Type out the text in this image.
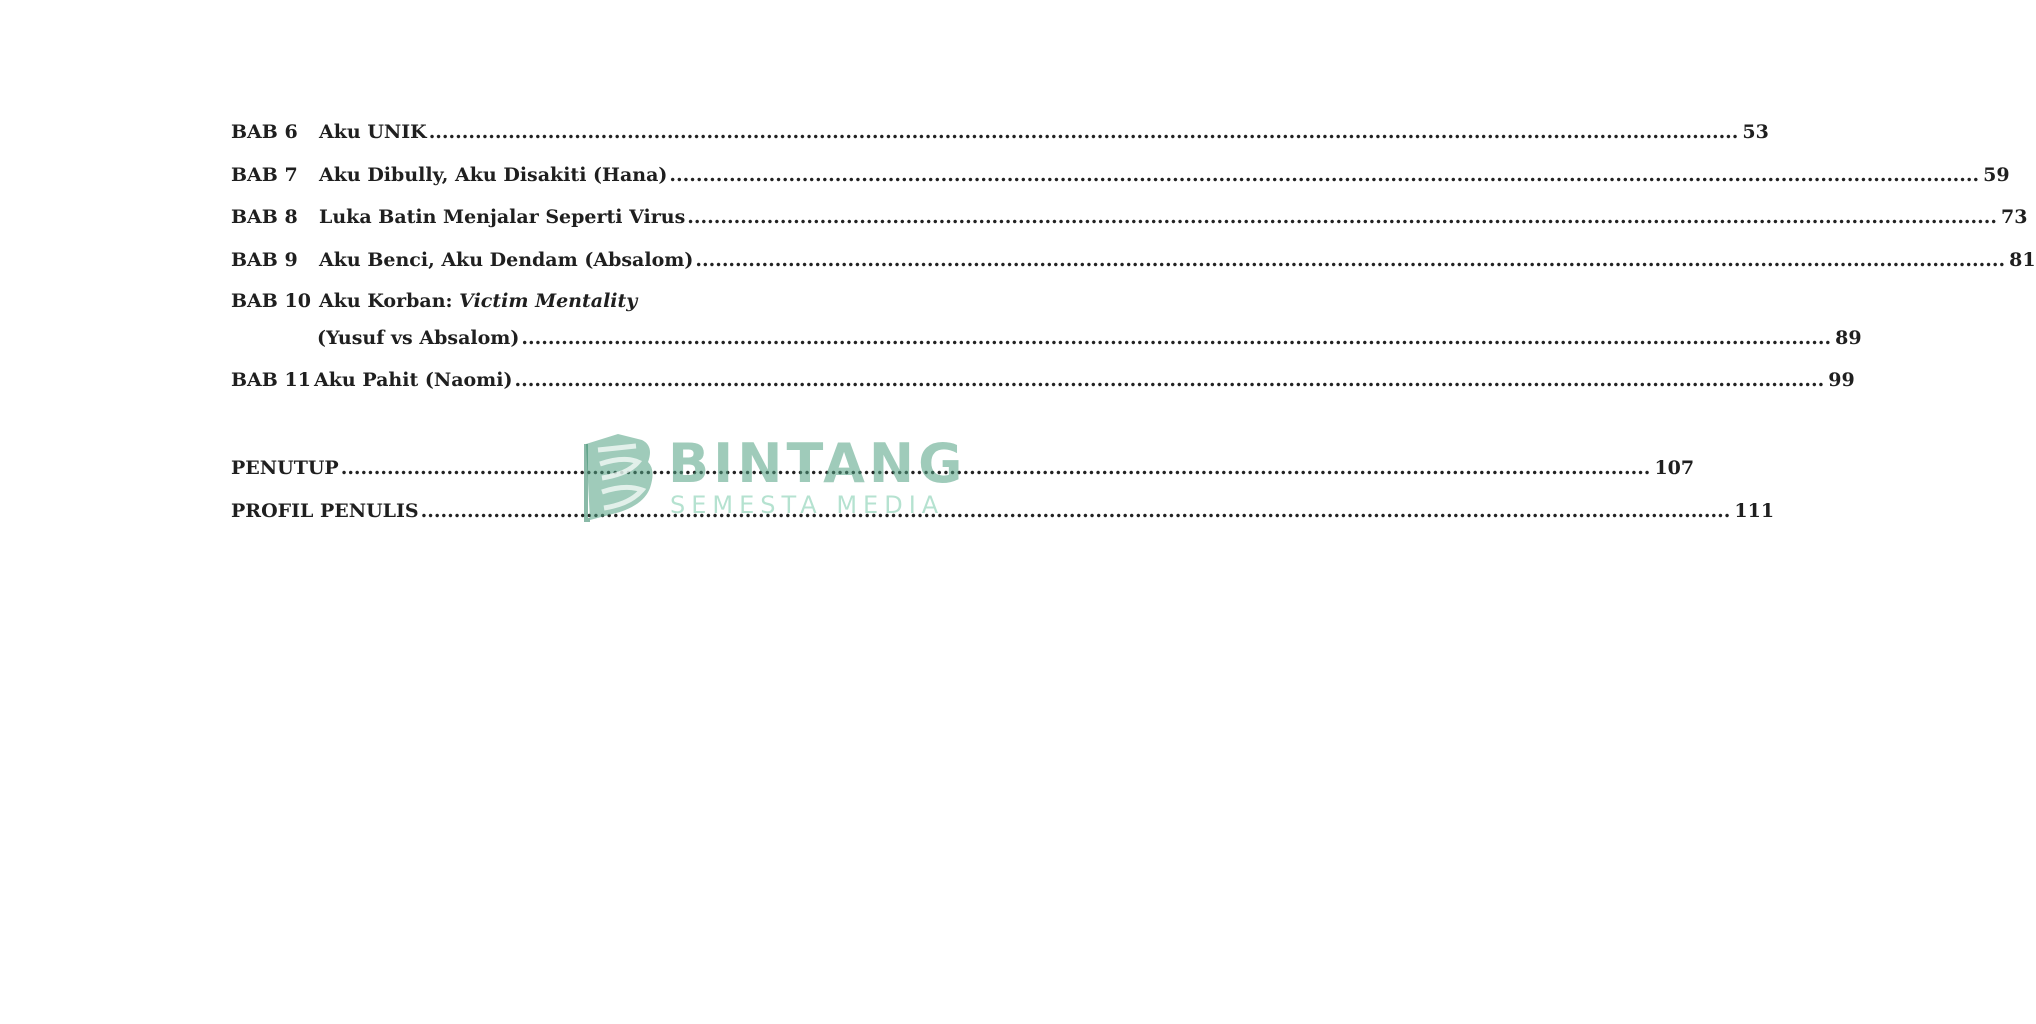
BAB 6	Aku UNIK .....	53
BAB 7	Aku Dibully, Aku Disakiti (Hana) .....	59
BAB 8	Luka Batin Menjalar Seperti Virus .....	73
BAB 9	Aku Benci, Aku Dendam (Absalom) .....	81
BAB 10 Aku Korban: Victim Mentality
(Yusuf vs Absalom) .....	89
BAB 11 Aku Pahit (Naomi) .....	99
PENUTUP .....	107
PROFIL PENULIS .....	111
BINTANG
SEMESTA MEDIA
